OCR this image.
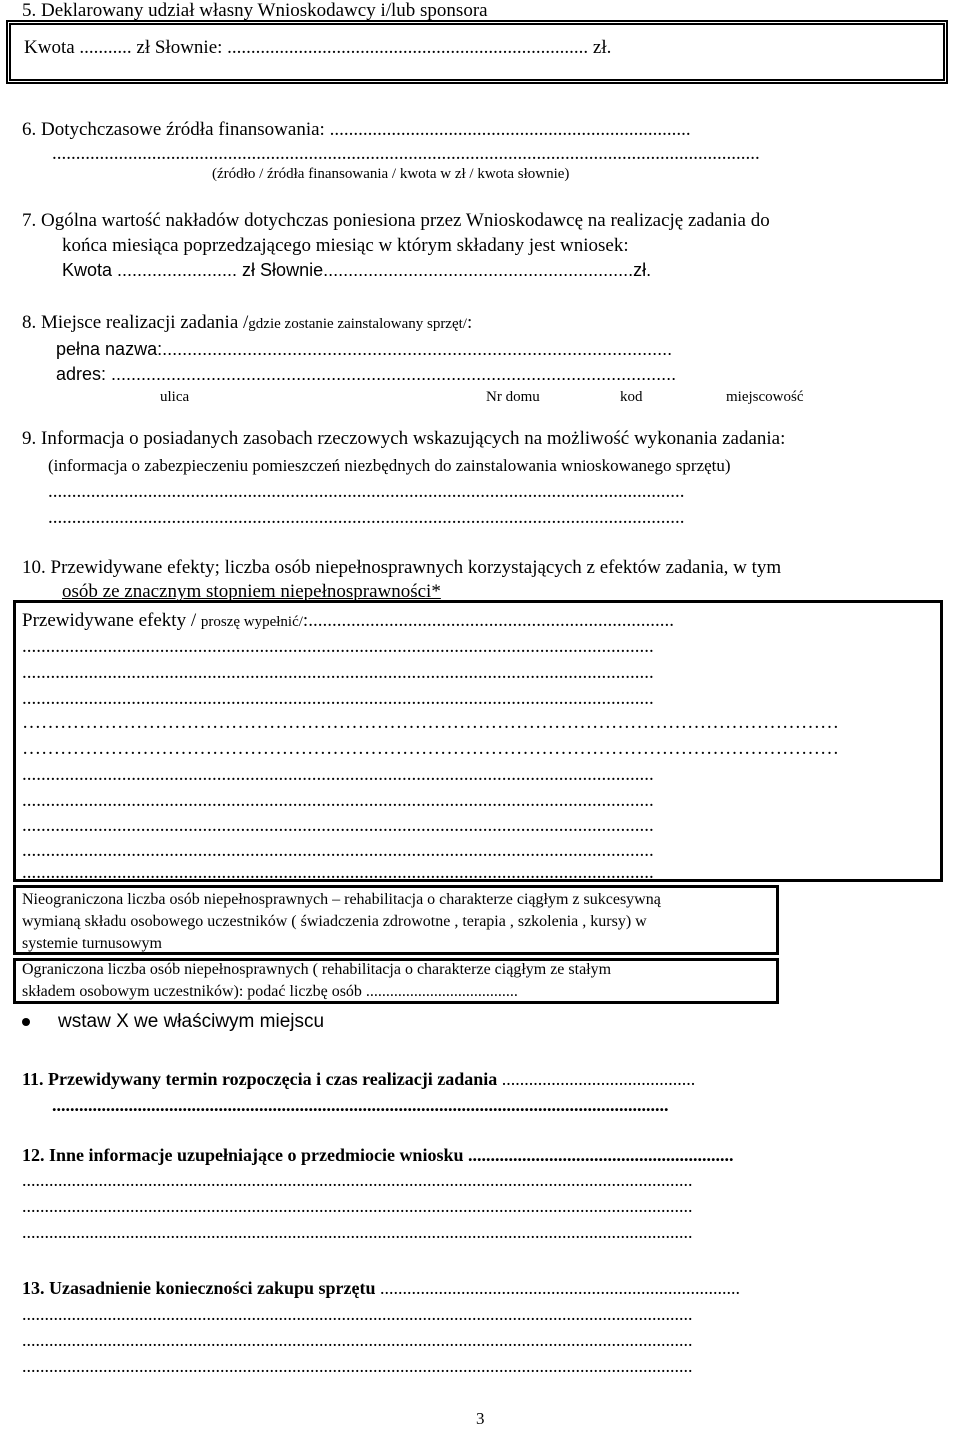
5. Deklarowany udział własny Wnioskodawcy i/lub sponsora
Kwota ........... zł Słownie: ............................................................................ zł.
6. Dotychczasowe źródła finansowania: ............................................................................
.....................................................................................................................................................
(źródło / źródła finansowania / kwota w zł / kwota słownie)
7. Ogólna wartość nakładów dotychczas poniesiona przez Wnioskodawcę na realizację zadania do
końca miesiąca poprzedzającego miesiąc w którym składany jest wniosek:
Kwota ........................ zł Słownie..............................................................zł.
8. Miejsce realizacji zadania /gdzie zostanie zainstalowany sprzęt/:
pełna nazwa:......................................................................................................
adres: .................................................................................................................
ulica	Nr domu	kod	miejscowość
9. Informacja o posiadanych zasobach rzeczowych wskazujących na możliwość wykonania zadania:
(informacja o zabezpieczeniu pomieszczeń niezbędnych do zainstalowania wnioskowanego sprzętu)
......................................................................................................................................
......................................................................................................................................
10. Przewidywane efekty; liczba osób niepełnosprawnych korzystających z efektów zadania, w tym
osób ze znacznym stopniem niepełnosprawności*
Przewidywane efekty / proszę wypełnić/:.............................................................................
.....................................................................................................................................
.....................................................................................................................................
.....................................................................................................................................
…………………………………………………………………………………………………………………
…………………………………………………………………………………………………………………
.....................................................................................................................................
.....................................................................................................................................
.....................................................................................................................................
.....................................................................................................................................
.....................................................................................................................................
Nieograniczona liczba osób niepełnosprawnych – rehabilitacja o charakterze ciągłym z sukcesywną
wymianą składu osobowego uczestników ( świadczenia zdrowotne , terapia , szkolenia , kursy) w
systemie turnusowym
Ograniczona liczba osób niepełnosprawnych ( rehabilitacja o charakterze ciągłym ze stałym
składem osobowym uczestników): podać liczbę osób ......................................
wstaw X we właściwym miejscu
11. Przewidywany termin rozpoczęcia i czas realizacji zadania ...........................................
.........................................................................................................................................
12. Inne informacje uzupełniające o przedmiocie wniosku ...........................................................
.....................................................................................................................................................
.....................................................................................................................................................
.....................................................................................................................................................
13. Uzasadnienie konieczności zakupu sprzętu ................................................................................
.....................................................................................................................................................
.....................................................................................................................................................
.....................................................................................................................................................
3
